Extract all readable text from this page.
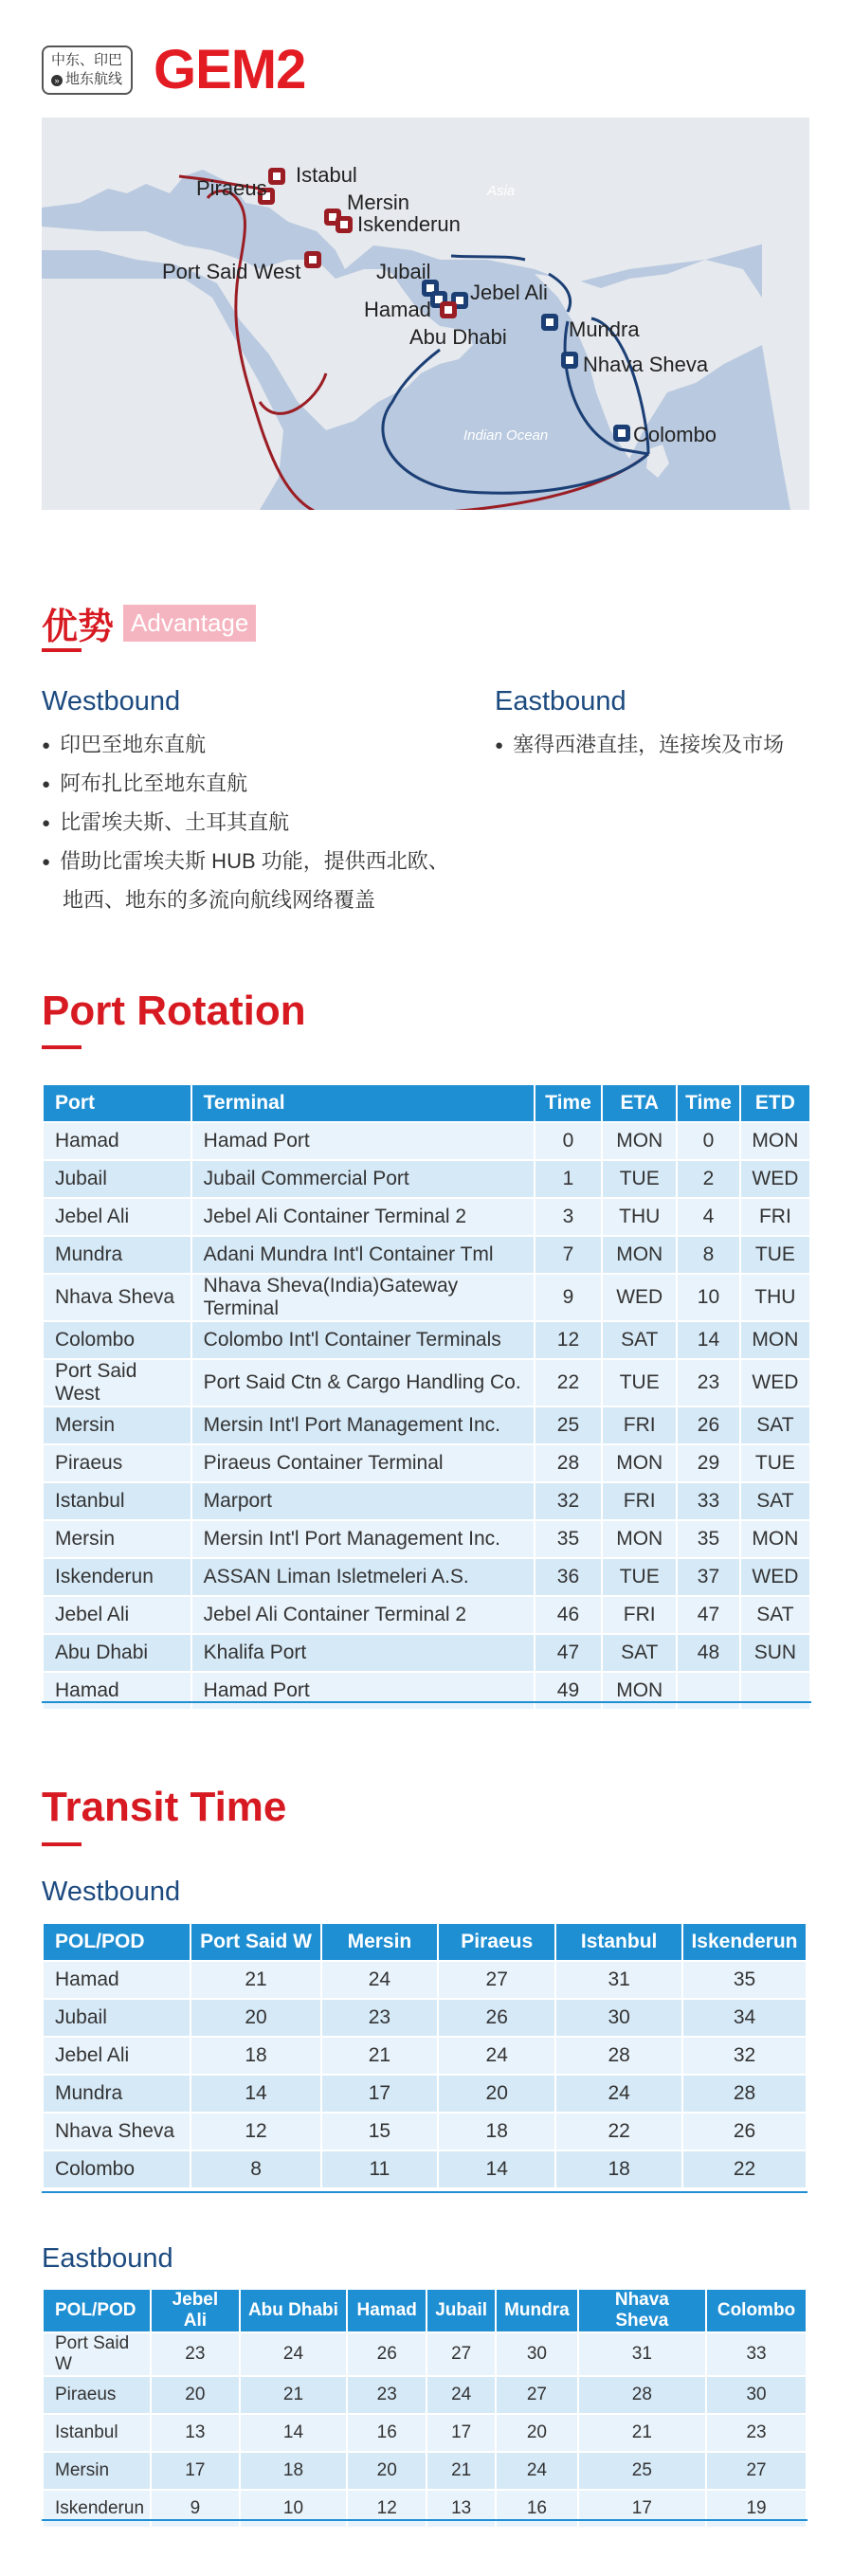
中东、印巴
» 地东航线 GEM2
Asia
Indian Ocean
Istabul
Piraeus
Mersin
Iskenderun
Port Said West	Jubail
Jebel Ali
Hamad
Abu Dhabi	Mundra
Nhava Sheva
Colombo
优势 Advantage
Westbound
● 印巴至地东直航
● 阿布扎比至地东直航
● 比雷埃夫斯、土耳其直航
● 借助比雷埃夫斯 HUB 功能，提供西北欧、
地西、地东的多流向航线网络覆盖
Eastbound
● 塞得西港直挂，连接埃及市场
Port Rotation
Port	Terminal	Time	ETA	Time	ETD
Hamad	Hamad Port	0	MON	0	MON
Jubail	Jubail Commercial Port	1	TUE	2	WED
Jebel Ali	Jebel Ali Container Terminal 2	3	THU	4	FRI
Mundra	Adani Mundra Int'l Container Tml	7	MON	8	TUE
Nhava Sheva	Nhava Sheva(India)Gateway Terminal	9	WED	10	THU
Colombo	Colombo Int'l Container Terminals	12	SAT	14	MON
Port Said West	Port Said Ctn & Cargo Handling Co.	22	TUE	23	WED
Mersin	Mersin Int'l Port Management Inc.	25	FRI	26	SAT
Piraeus	Piraeus Container Terminal	28	MON	29	TUE
Istanbul	Marport	32	FRI	33	SAT
Mersin	Mersin Int'l Port Management Inc.	35	MON	35	MON
Iskenderun	ASSAN Liman Isletmeleri A.S.	36	TUE	37	WED
Jebel Ali	Jebel Ali Container Terminal 2	46	FRI	47	SAT
Abu Dhabi	Khalifa Port	47	SAT	48	SUN
Hamad	Hamad Port	49	MON		
Transit Time
Westbound
POL/POD	Port Said W	Mersin	Piraeus	Istanbul	Iskenderun
Hamad	21	24	27	31	35
Jubail	20	23	26	30	34
Jebel Ali	18	21	24	28	32
Mundra	14	17	20	24	28
Nhava Sheva	12	15	18	22	26
Colombo	8	11	14	18	22
Eastbound
POL/POD	Jebel Ali	Abu Dhabi	Hamad	Jubail	Mundra	Nhava Sheva	Colombo
Port Said W	23	24	26	27	30	31	33
Piraeus	20	21	23	24	27	28	30
Istanbul	13	14	16	17	20	21	23
Mersin	17	18	20	21	24	25	27
Iskenderun	9	10	12	13	16	17	19
